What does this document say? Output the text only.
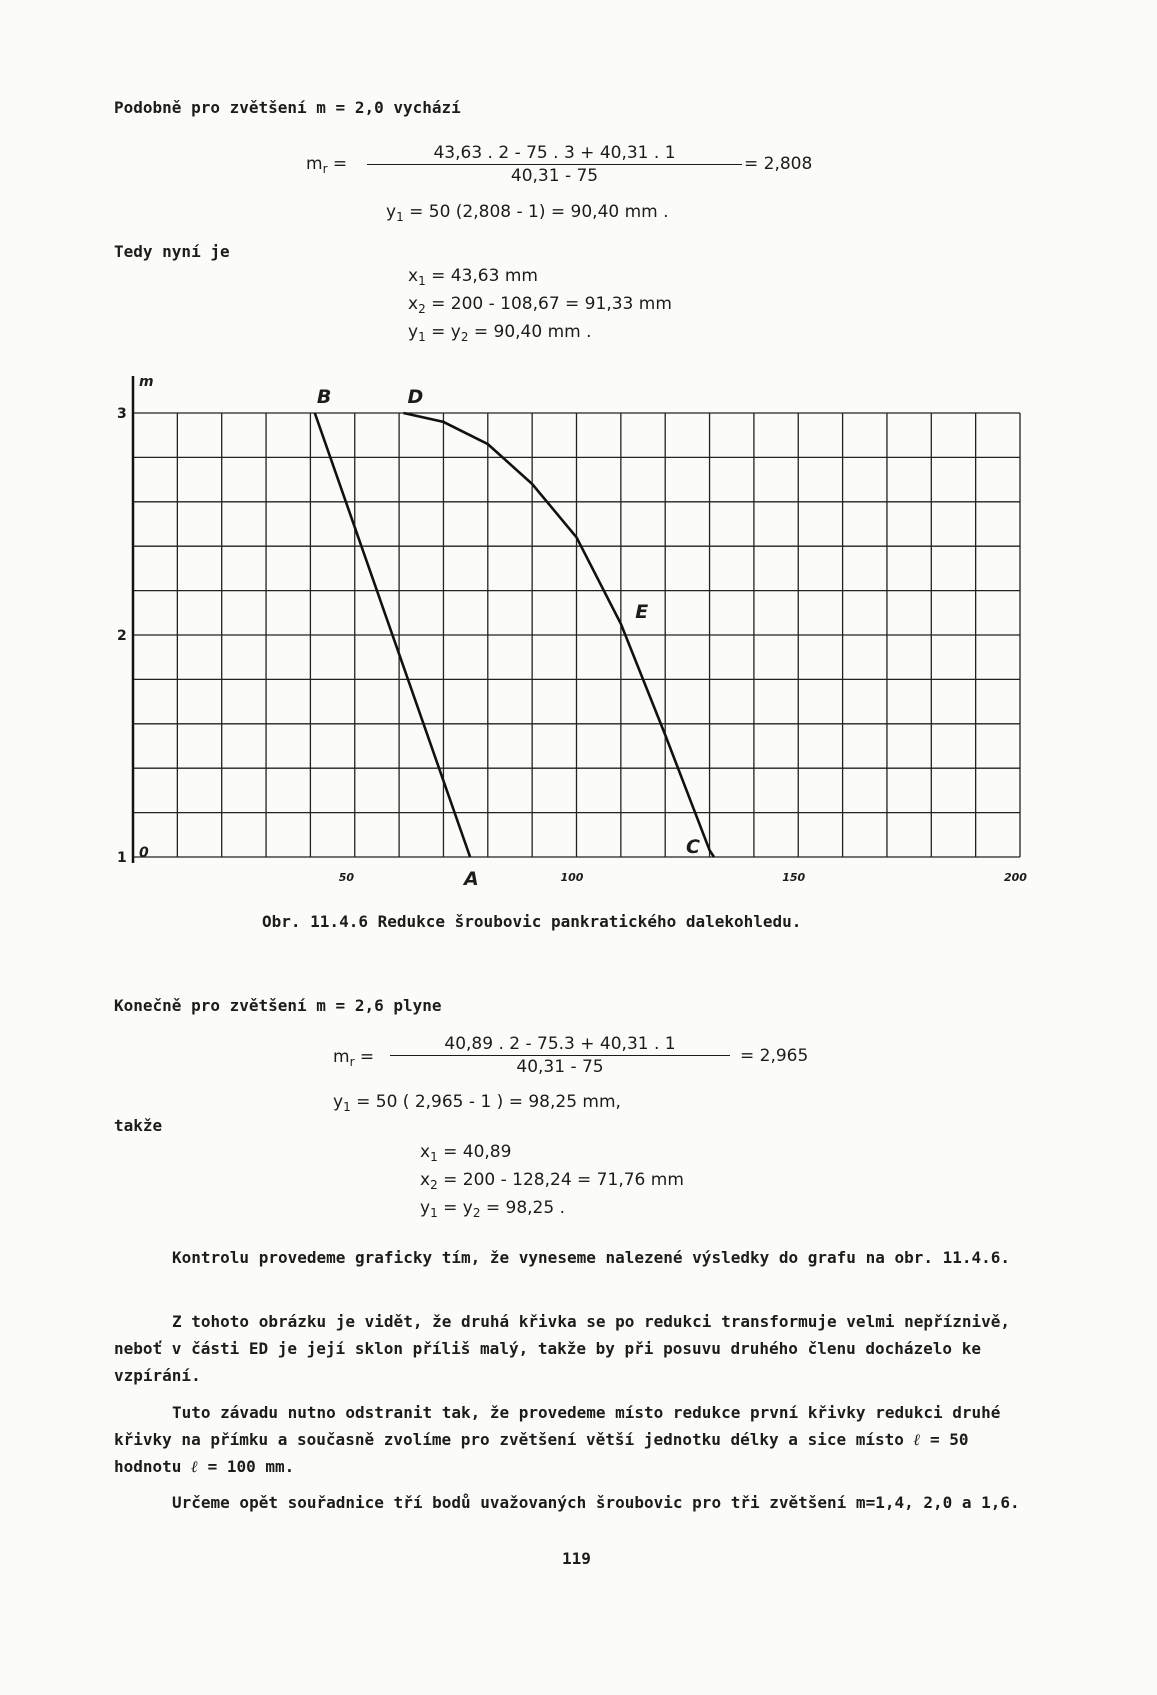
Podobně pro zvětšení m = 2,0 vychází
$m_r = \frac{43,63 . 2 - 75 . 3 + 40,31 . 1}{40,31 - 75} = 2,808$
$y_1 = 50$ (2,808 - 1) = 90,40 mm .
Tedy nyní je
$x_1 = 43,63$ mm
$x_2 = 200 - 108,67 = 91,33$ mm
$y_1 = y_2 = 90,40$ mm .
m
1
2
3
0
50	100	150	200
B	D
E
A
C
Obr. 11.4.6 Redukce šroubovic pankratického dalekohledu.
Konečně pro zvětšení m = 2,6 plyne
$m_r = \frac{40,89 . 2 - 75.3 + 40,31 . 1}{40,31 - 75} = 2,965$
$y_1 = 50$ ( 2,965 - 1 ) = 98,25 mm,
takže
$x_1 = 40,89$
$x_2 = 200 - 128,24 = 71,76$ mm
$y_1 = y_2 = 98,25$ .
Kontrolu provedeme graficky tím, že vyneseme nalezené výsledky do grafu na obr. 11.4.6.
Z tohoto obrázku je vidět, že druhá křivka se po redukci transformuje velmi nepříznivě, neboť v části ED je její sklon příliš malý, takže by při posuvu druhého členu docházelo ke vzpírání.
Tuto závadu nutno odstranit tak, že provedeme místo redukce první křivky redukci druhé křivky na přímku a současně zvolíme pro zvětšení větší jednotku délky a sice místo ℓ = 50 hodnotu ℓ = 100 mm.
Určeme opět souřadnice tří bodů uvažovaných šroubovic pro tři zvětšení m=1,4, 2,0 a 1,6.
119
